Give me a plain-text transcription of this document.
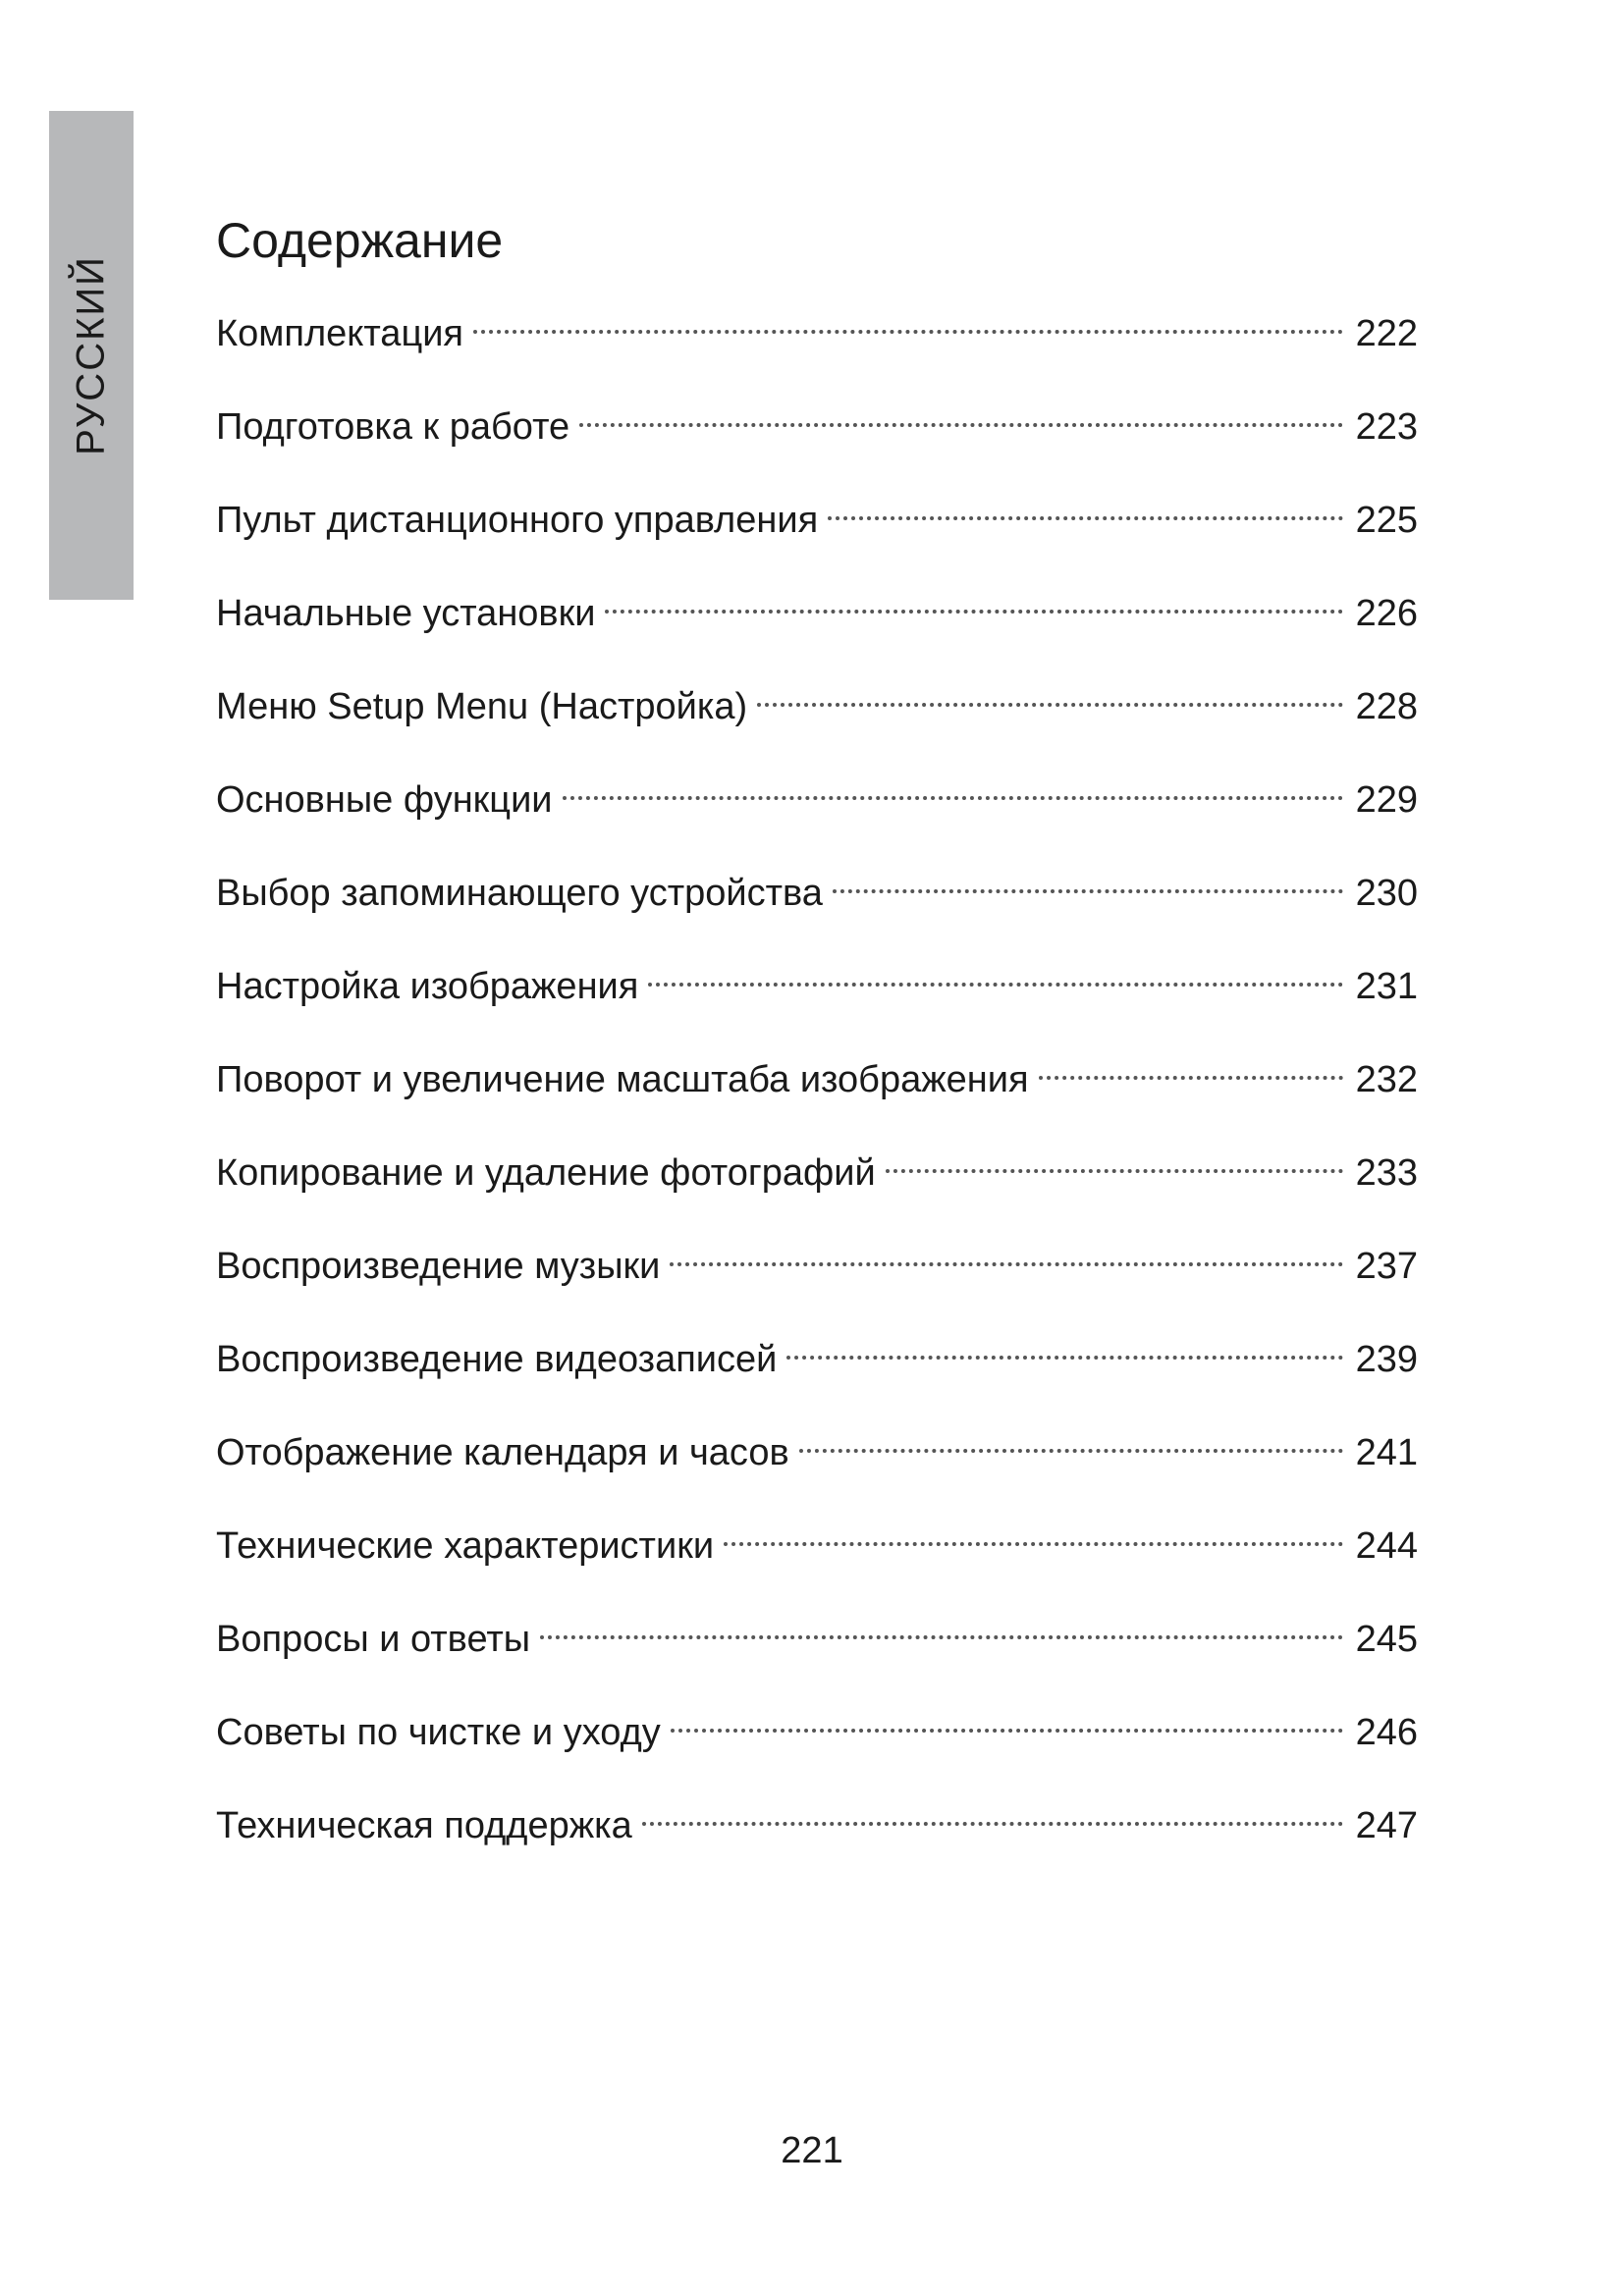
РУССКИЙ
Содержание
Комплектация	222
Подготовка к работе	223
Пульт дистанционного управления	225
Начальные установки	226
Меню Setup Menu (Настройка)	228
Основные функции	229
Выбор запоминающего устройства	230
Настройка изображения	231
Поворот и увеличение масштаба изображения	232
Копирование и удаление фотографий	233
Воспроизведение музыки	237
Воспроизведение видеозаписей	239
Отображение календаря и часов	241
Технические характеристики	244
Вопросы и ответы	245
Советы по чистке и уходу	246
Техническая поддержка	247
221
